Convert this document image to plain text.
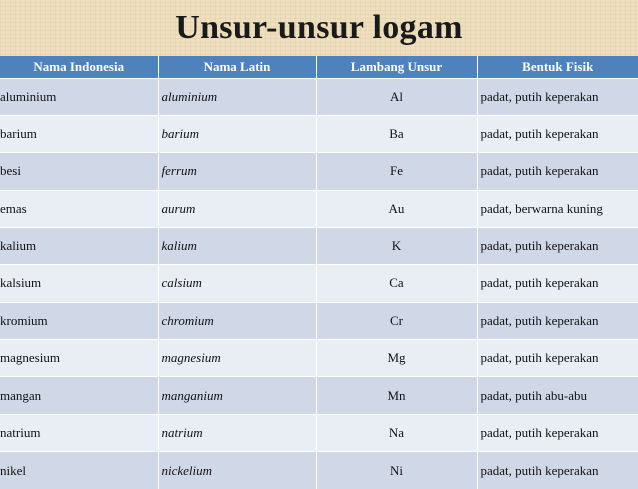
Unsur-unsur logam
Nama Indonesia	Nama Latin	Lambang Unsur	Bentuk Fisik
aluminium	aluminium	Al	padat, putih keperakan
barium	barium	Ba	padat, putih keperakan
besi	ferrum	Fe	padat, putih keperakan
emas	aurum	Au	padat, berwarna kuning
kalium	kalium	K	padat, putih keperakan
kalsium	calsium	Ca	padat, putih keperakan
kromium	chromium	Cr	padat, putih keperakan
magnesium	magnesium	Mg	padat, putih keperakan
mangan	manganium	Mn	padat, putih abu-abu
natrium	natrium	Na	padat, putih keperakan
nikel	nickelium	Ni	padat, putih keperakan
